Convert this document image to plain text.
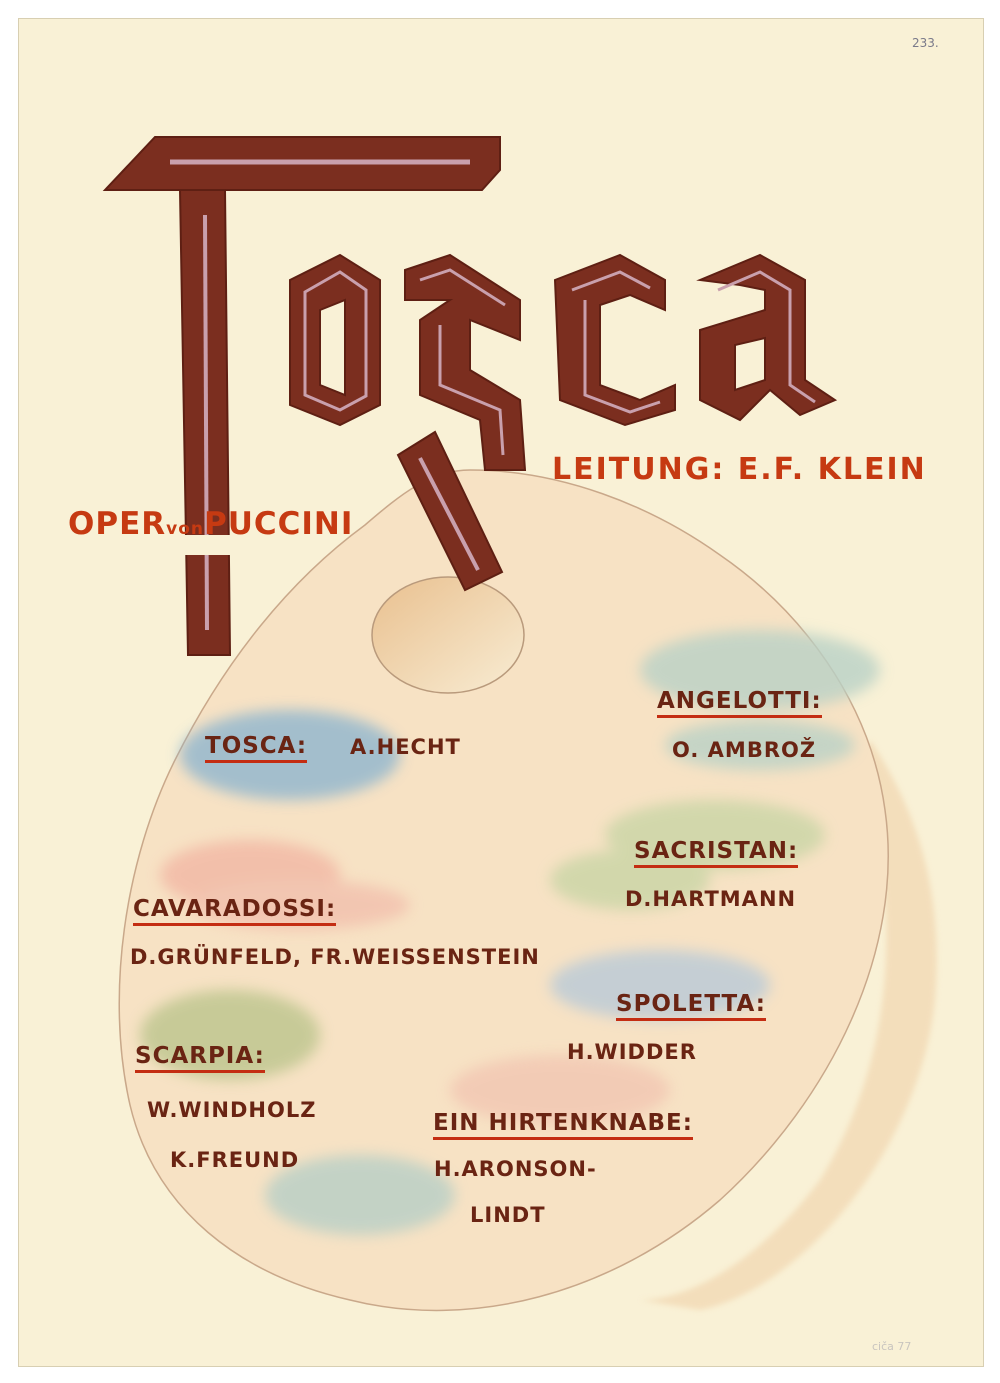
233.
LEITUNG: E.F. KLEIN
OPERvonPUCCINI
TOSCA: A.HECHT
ANGELOTTI:
O. AMBROŽ
SACRISTAN:
D.HARTMANN
CAVARADOSSI:
D.GRÜNFELD, FR.WEISSENSTEIN
SPOLETTA:
H.WIDDER
SCARPIA:
W.WINDHOLZ
K.FREUND
EIN HIRTENKNABE:
H.ARONSON-
LINDT
ciča 77
